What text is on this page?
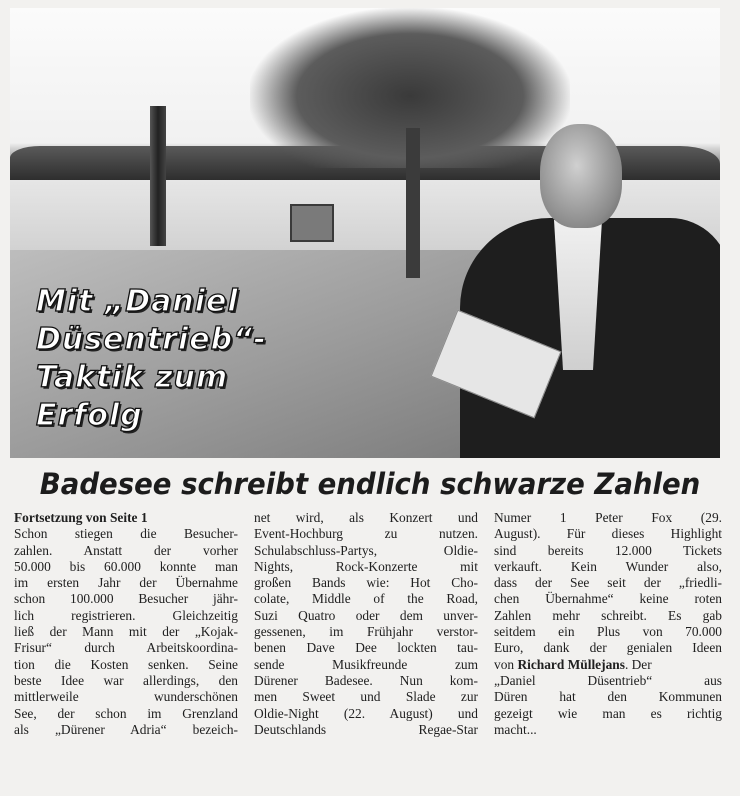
Mit „Daniel
Düsentrieb“-
Taktik zum
Erfolg
Badesee schreibt endlich schwarze Zahlen
Fortsetzung von Seite 1
Schon stiegen die Besucher-
zahlen. Anstatt der vorher
50.000 bis 60.000 konnte man
im ersten Jahr der Übernahme
schon 100.000 Besucher jähr-
lich registrieren. Gleichzeitig
ließ der Mann mit der „Kojak-
Frisur“ durch Arbeitskoordina-
tion die Kosten senken. Seine
beste Idee war allerdings, den
mittlerweile wunderschönen
See, der schon im Grenzland
als „Dürener Adria“ bezeich-
net wird, als Konzert und
Event-Hochburg zu nutzen.
Schulabschluss-Partys, Oldie-
Nights, Rock-Konzerte mit
großen Bands wie: Hot Cho-
colate, Middle of the Road,
Suzi Quatro oder dem unver-
gessenen, im Frühjahr verstor-
benen Dave Dee lockten tau-
sende Musikfreunde zum
Dürener Badesee. Nun kom-
men Sweet und Slade zur
Oldie-Night (22. August) und
Deutschlands Regae-Star
Numer 1 Peter Fox (29.
August). Für dieses Highlight
sind bereits 12.000 Tickets
verkauft. Kein Wunder also,
dass der See seit der „friedli-
chen Übernahme“ keine roten
Zahlen mehr schreibt. Es gab
seitdem ein Plus von 70.000
Euro, dank der genialen Ideen
von Richard Müllejans. Der
„Daniel Düsentrieb“ aus
Düren hat den Kommunen
gezeigt wie man es richtig
macht...
